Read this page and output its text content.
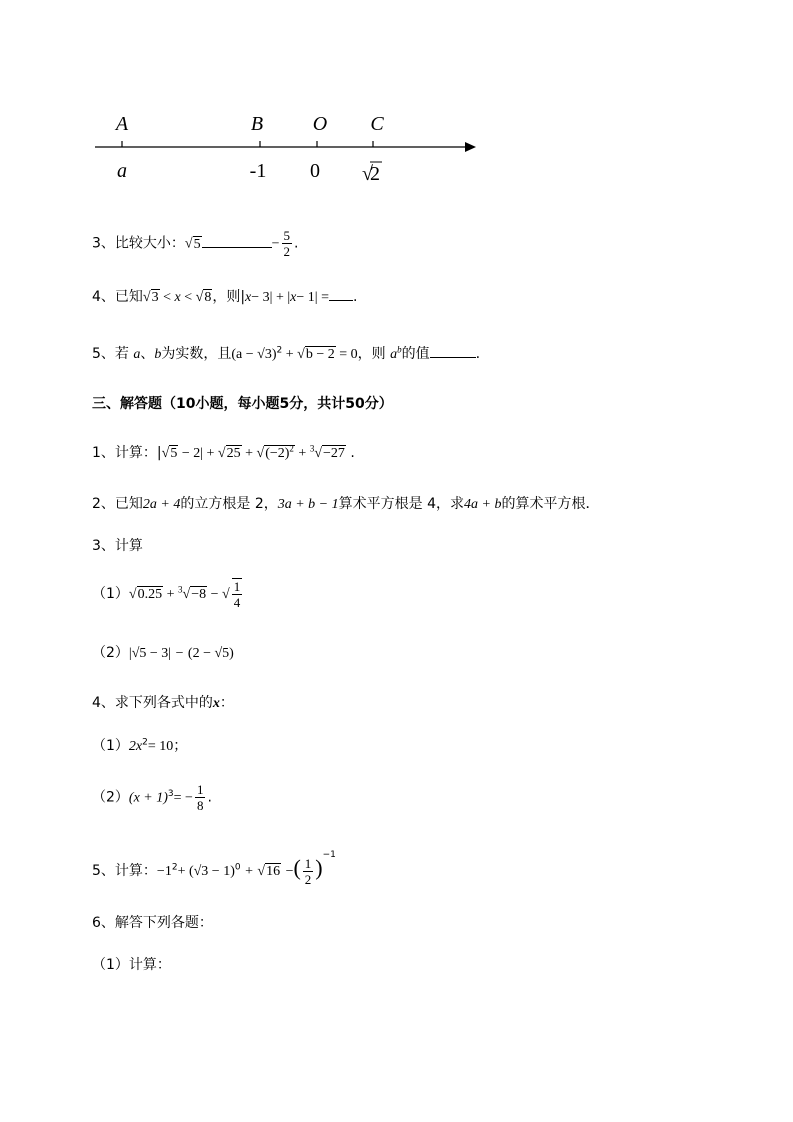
A	B O C
a	-1 0 √
2
3、比较大小：√5	− $\frac{5}{2}$ .
4、已知√3 < x < √8，则|x− 3| + |x− 1| = .
5、若 a、b为实数，且$(a - √3)^2 + √b - 2 = 0$，则 $a^b$的值	.
三、解答题（10小题，每小题5分，共计50分）
1、计算：$|√5 - 2| + √25 + √(-2)^2 + ^3√-27$ .
2、已知2a + 4的立方根是 2，3a + b − 1算术平方根是 4，求4a + b的算术平方根．
3、计算
（1）√0.25 + $^3$√−8 − √ $\frac{1}{4}$
（2）|√5 − 3| − (2 − √5)
4、求下列各式中的x：
$(1)2x^2= 10$；
$(2)(x + 1)^3= - \frac{1}{8}$ .
5、计算：$-1^2+ (√3 - 1)^0 + √16$ −( $\frac{1}{2} )^{-1}$
6、解答下列各题：
（1）计算：
